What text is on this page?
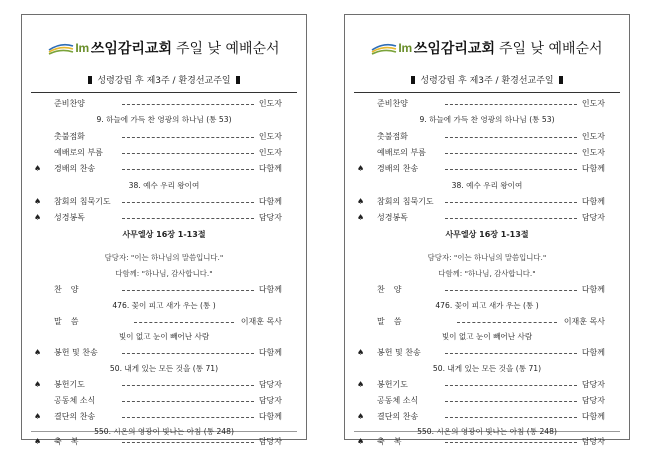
Im 쓰임감리교회 주일 낮 예배순서
성령강림 후 제3주 / 환경선교주일
준비찬양	인도자
9. 하늘에 가득 찬 영광의 하나님 (통 53)
촛불점화	인도자
예배로의 부름	인도자
♠ 경배의 찬송	다함께
38. 예수 우리 왕이여
♠ 참회의 침묵기도	다함께
♠ 성경봉독	담당자
사무엘상 16장 1-13절
담당자: "이는 하나님의 말씀입니다."
다함께: "하나님, 감사합니다."
찬양	다함께
476. 꽃이 피고 새가 우는 (통 )
말씀	이재훈 목사
빛이 없고 눈이 빼어난 사람
♠ 봉헌 및 찬송	다함께
50. 내게 있는 모든 것을 (통 71)
♠ 봉헌기도	담당자
공동체 소식	담당자
♠ 결단의 찬송	다함께
550. 시온의 영광이 빛나는 아침 (통 248)
♠ 축복	담당자
Im 쓰임감리교회 주일 낮 예배순서
성령강림 후 제3주 / 환경선교주일
준비찬양	인도자
9. 하늘에 가득 찬 영광의 하나님 (통 53)
촛불점화	인도자
예배로의 부름	인도자
♠ 경배의 찬송	다함께
38. 예수 우리 왕이여
♠ 참회의 침묵기도	다함께
♠ 성경봉독	담당자
사무엘상 16장 1-13절
담당자: "이는 하나님의 말씀입니다."
다함께: "하나님, 감사합니다."
찬양	다함께
476. 꽃이 피고 새가 우는 (통 )
말씀	이재훈 목사
빛이 없고 눈이 빼어난 사람
♠ 봉헌 및 찬송	다함께
50. 내게 있는 모든 것을 (통 71)
♠ 봉헌기도	담당자
공동체 소식	담당자
♠ 결단의 찬송	다함께
550. 시온의 영광이 빛나는 아침 (통 248)
♠ 축복	담당자
